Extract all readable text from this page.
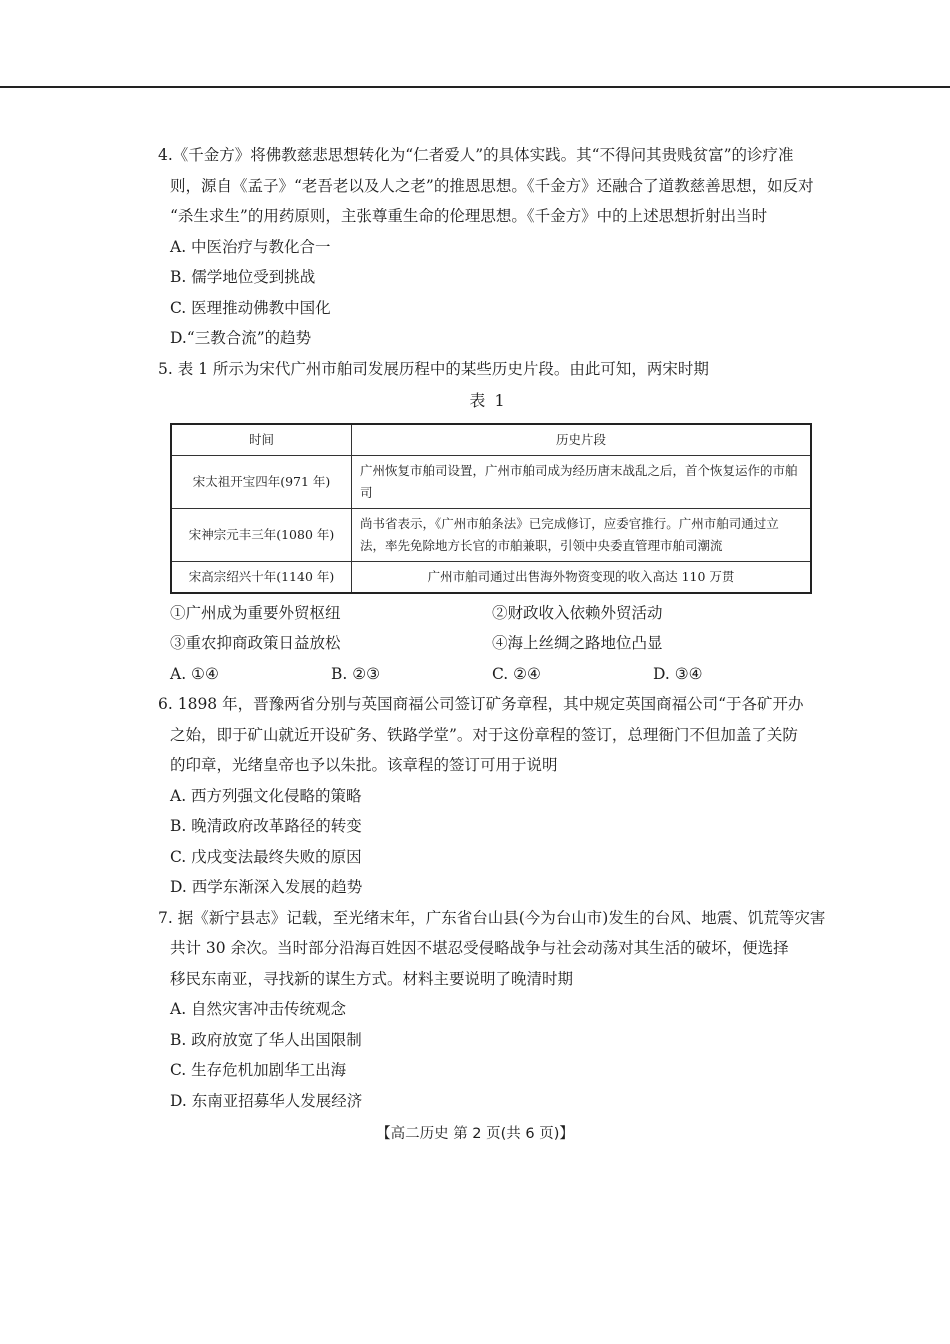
4.《千金方》将佛教慈悲思想转化为“仁者爱人”的具体实践。其“不得问其贵贱贫富”的诊疗准
则，源自《孟子》“老吾老以及人之老”的推恩思想。《千金方》还融合了道教慈善思想，如反对
“杀生求生”的用药原则，主张尊重生命的伦理思想。《千金方》中的上述思想折射出当时
A. 中医治疗与教化合一
B. 儒学地位受到挑战
C. 医理推动佛教中国化
D.“三教合流”的趋势
5. 表 1 所示为宋代广州市舶司发展历程中的某些历史片段。由此可知，两宋时期
表 1
时间	历史片段
宋太祖开宝四年(971 年)	广州恢复市舶司设置，广州市舶司成为经历唐末战乱之后，首个恢复运作的市舶司
宋神宗元丰三年(1080 年)	尚书省表示，《广州市舶条法》已完成修订，应委官推行。广州市舶司通过立法，率先免除地方长官的市舶兼职，引领中央委直管理市舶司潮流
宋高宗绍兴十年(1140 年)	广州市舶司通过出售海外物资变现的收入高达 110 万贯
①广州成为重要外贸枢纽	②财政收入依赖外贸活动
③重农抑商政策日益放松	④海上丝绸之路地位凸显
A. ①④	B. ②③	C. ②④	D. ③④
6. 1898 年，晋豫两省分别与英国商福公司签订矿务章程，其中规定英国商福公司“于各矿开办
之始，即于矿山就近开设矿务、铁路学堂”。对于这份章程的签订，总理衙门不但加盖了关防
的印章，光绪皇帝也予以朱批。该章程的签订可用于说明
A. 西方列强文化侵略的策略
B. 晚清政府改革路径的转变
C. 戊戌变法最终失败的原因
D. 西学东渐深入发展的趋势
7. 据《新宁县志》记载，至光绪末年，广东省台山县(今为台山市)发生的台风、地震、饥荒等灾害
共计 30 余次。当时部分沿海百姓因不堪忍受侵略战争与社会动荡对其生活的破坏，便选择
移民东南亚，寻找新的谋生方式。材料主要说明了晚清时期
A. 自然灾害冲击传统观念
B. 政府放宽了华人出国限制
C. 生存危机加剧华工出海
D. 东南亚招募华人发展经济
【高二历史 第 2 页(共 6 页)】
